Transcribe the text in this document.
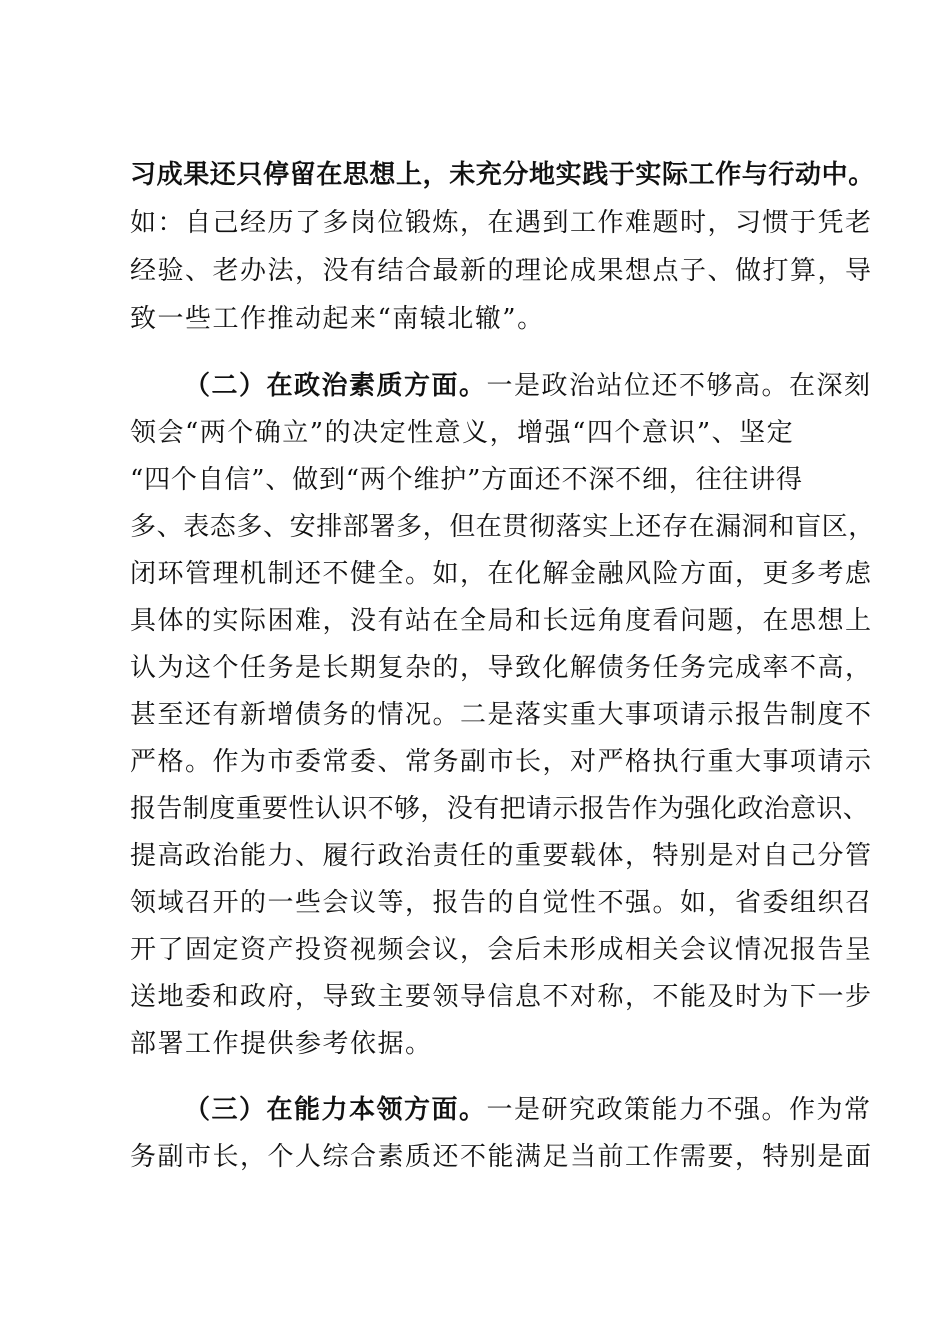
习成果还只停留在思想上，未充分地实践于实际工作与行动中。
如：自己经历了多岗位锻炼，在遇到工作难题时，习惯于凭老
经验、老办法，没有结合最新的理论成果想点子、做打算，导
致一些工作推动起来“南辕北辙”。
（二）在政治素质方面。一是政治站位还不够高。在深刻
领会“两个确立”的决定性意义，增强“四个意识”、坚定
“四个自信”、做到“两个维护”方面还不深不细，往往讲得
多、表态多、安排部署多，但在贯彻落实上还存在漏洞和盲区，
闭环管理机制还不健全。如，在化解金融风险方面，更多考虑
具体的实际困难，没有站在全局和长远角度看问题，在思想上
认为这个任务是长期复杂的，导致化解债务任务完成率不高，
甚至还有新增债务的情况。二是落实重大事项请示报告制度不
严格。作为市委常委、常务副市长，对严格执行重大事项请示
报告制度重要性认识不够，没有把请示报告作为强化政治意识、
提高政治能力、履行政治责任的重要载体，特别是对自己分管
领域召开的一些会议等，报告的自觉性不强。如，省委组织召
开了固定资产投资视频会议，会后未形成相关会议情况报告呈
送地委和政府，导致主要领导信息不对称，不能及时为下一步
部署工作提供参考依据。
（三）在能力本领方面。一是研究政策能力不强。作为常
务副市长，个人综合素质还不能满足当前工作需要，特别是面
